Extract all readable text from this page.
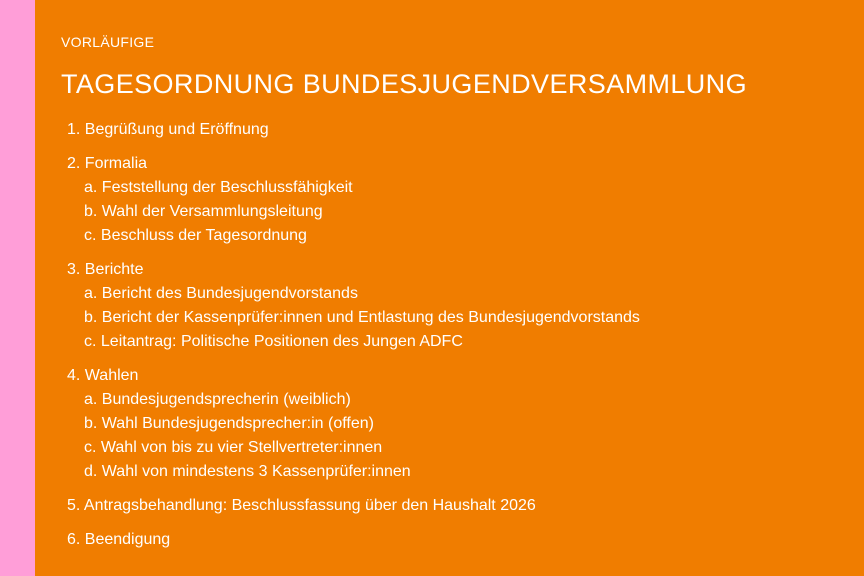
VORLÄUFIGE

TAGESORDNUNG BUNDESJUGENDVERSAMMLUNG
1. Begrüßung und Eröffnung
2. Formalia
a. Feststellung der Beschlussfähigkeit
b. Wahl der Versammlungsleitung
c. Beschluss der Tagesordnung
3. Berichte
a. Bericht des Bundesjugendvorstands
b. Bericht der Kassenprüfer:innen und Entlastung des Bundesjugendvorstands
c. Leitantrag: Politische Positionen des Jungen ADFC
4. Wahlen
a. Bundesjugendsprecherin (weiblich)
b. Wahl Bundesjugendsprecher:in (offen)
c. Wahl von bis zu vier Stellvertreter:innen
d. Wahl von mindestens 3 Kassenprüfer:innen
5. Antragsbehandlung: Beschlussfassung über den Haushalt 2026
6. Beendigung
